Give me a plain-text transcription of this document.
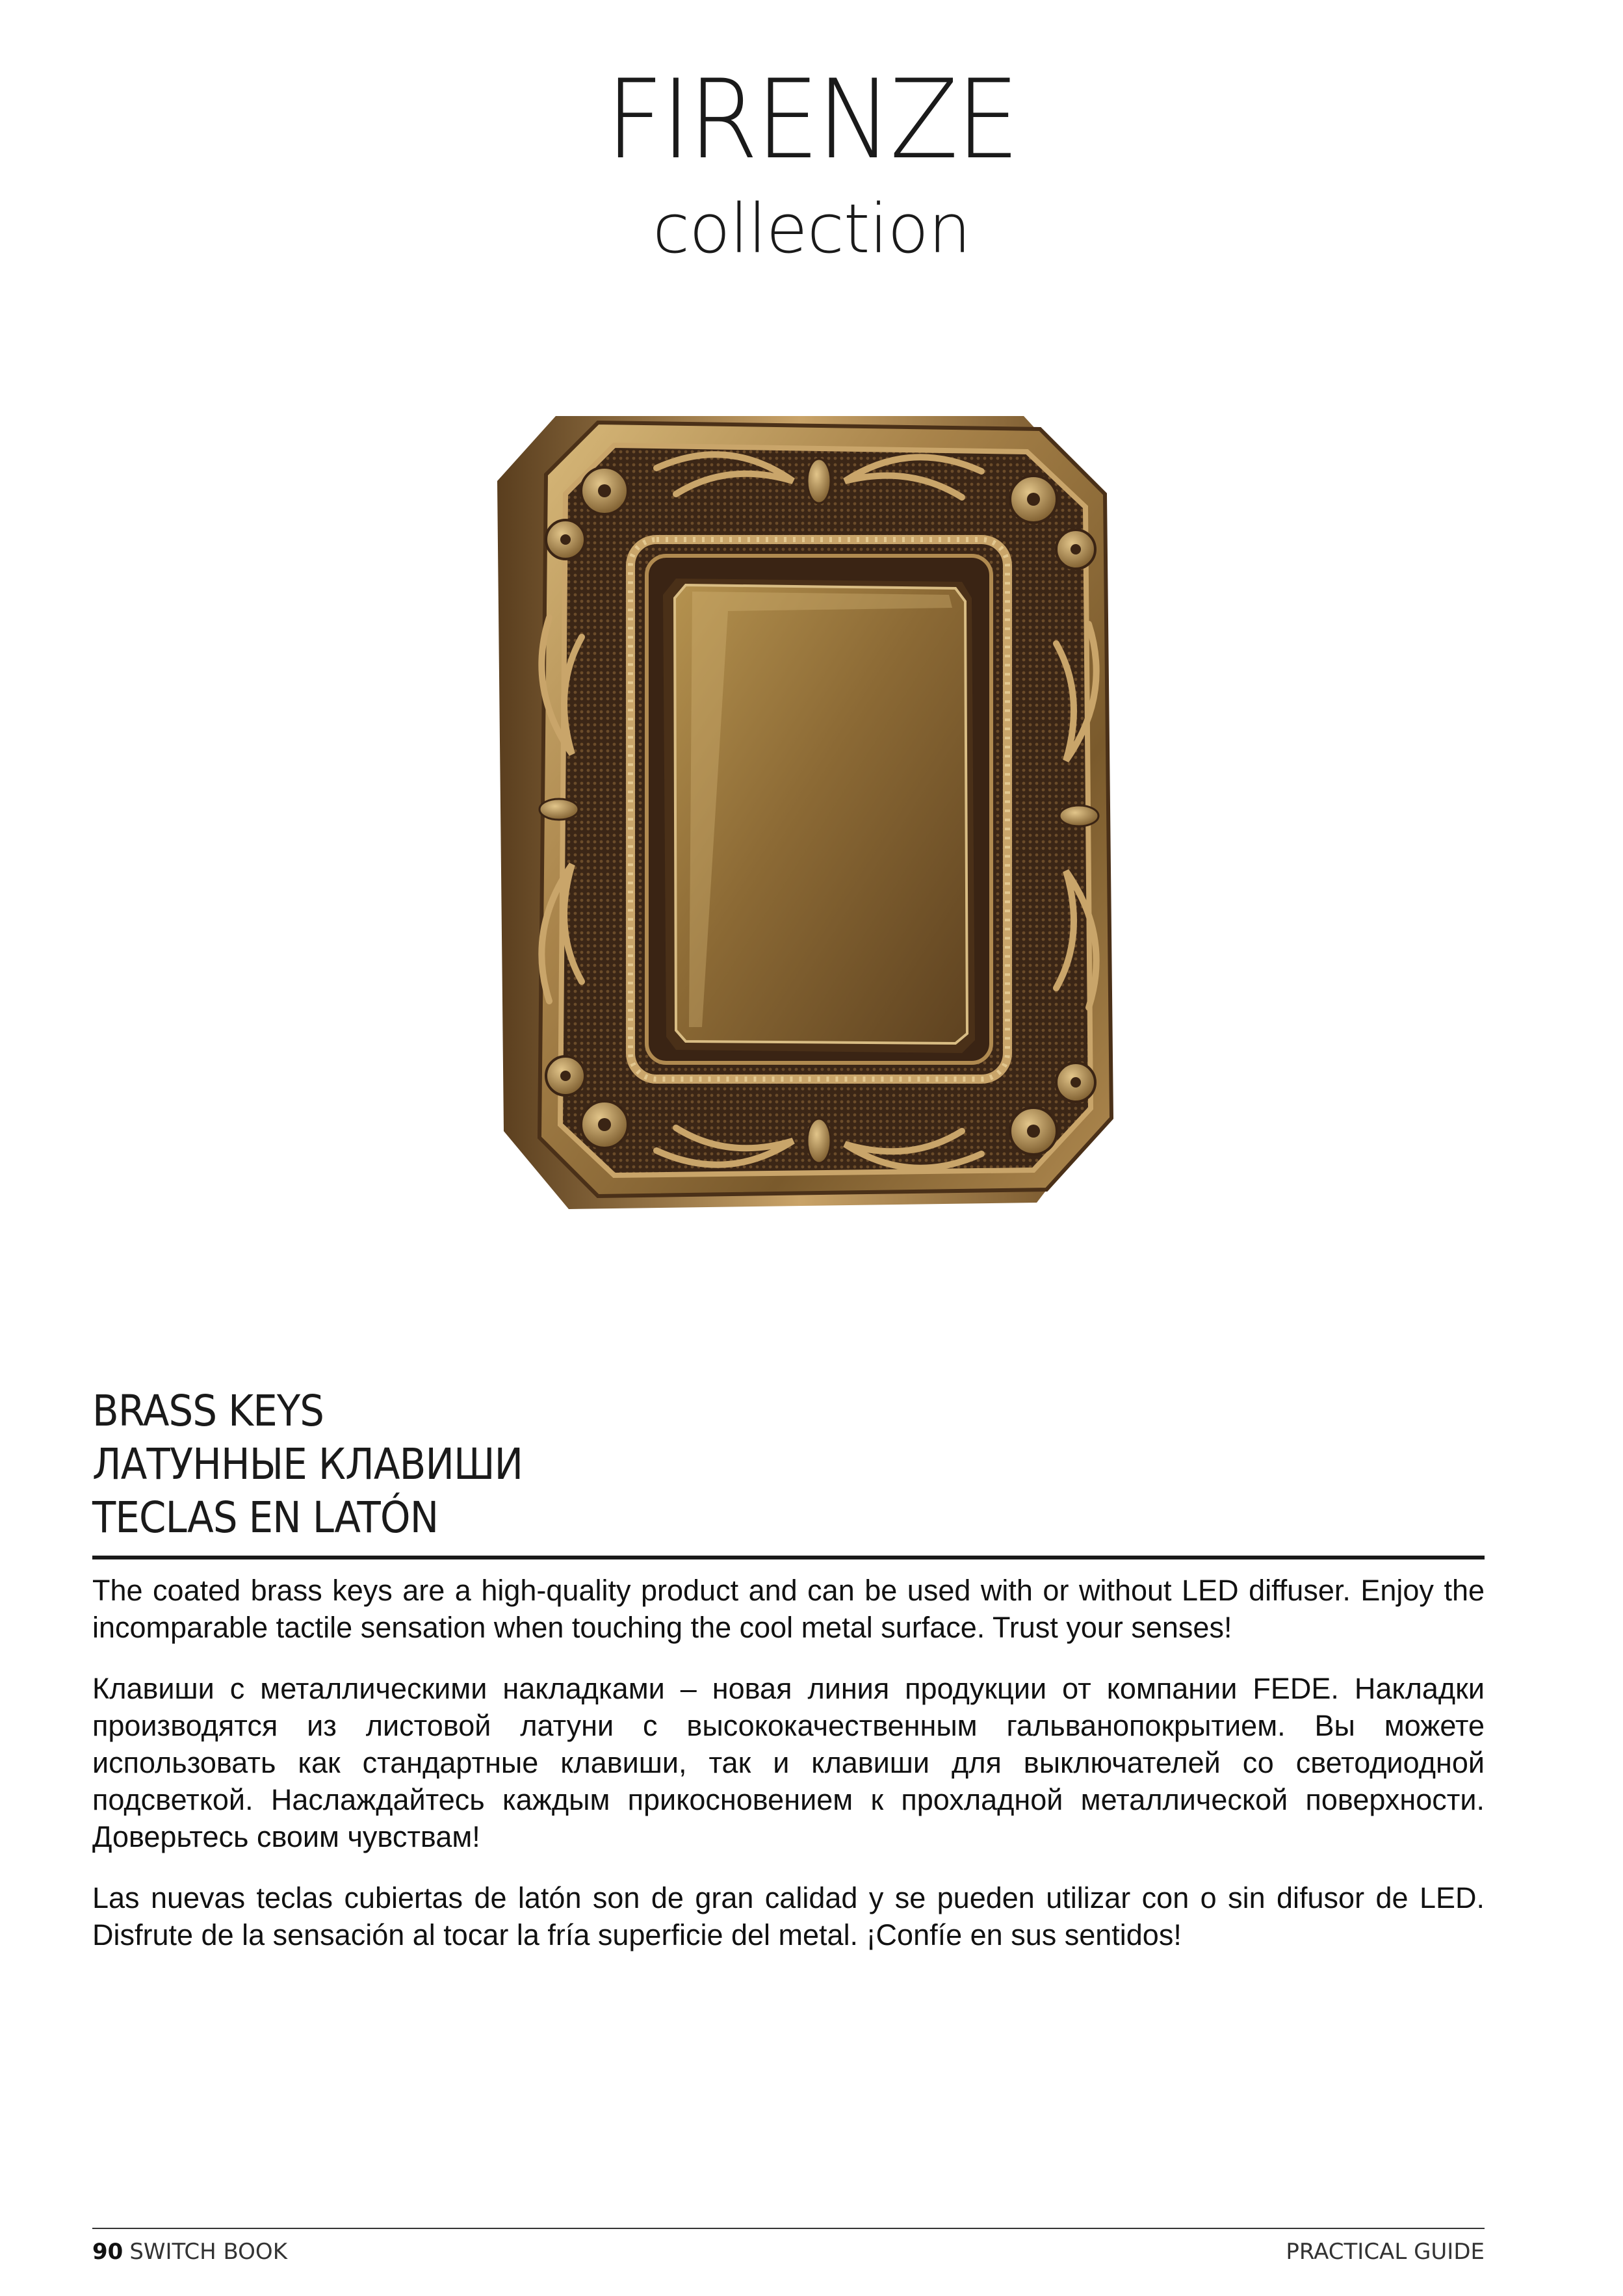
FIRENZE
collection
BRASS KEYS
ЛАТУННЫЕ КЛАВИШИ
TECLAS EN LATÓN

The coated brass keys are a high-quality product and can be used with or without LED diffuser. Enjoy the incomparable tactile sensation when touching the cool metal surface. Trust your senses!

Клавиши с металлическими накладками – новая линия продукции от компании FEDE. Накладки производятся из листовой латуни с высококачественным гальванопокрытием. Вы можете использовать как стандартные клавиши, так и клавиши для выключателей со светодиодной подсветкой. Наслаждайтесь каждым прикосновением к прохладной металлической поверхности. Доверьтесь своим чувствам!

Las nuevas teclas cubiertas de latón son de gran calidad y se pueden utilizar con o sin difusor de LED. Disfrute de la sensación al tocar la fría superficie del metal. ¡Confíe en sus sentidos!

90 SWITCH BOOK	PRACTICAL GUIDE
